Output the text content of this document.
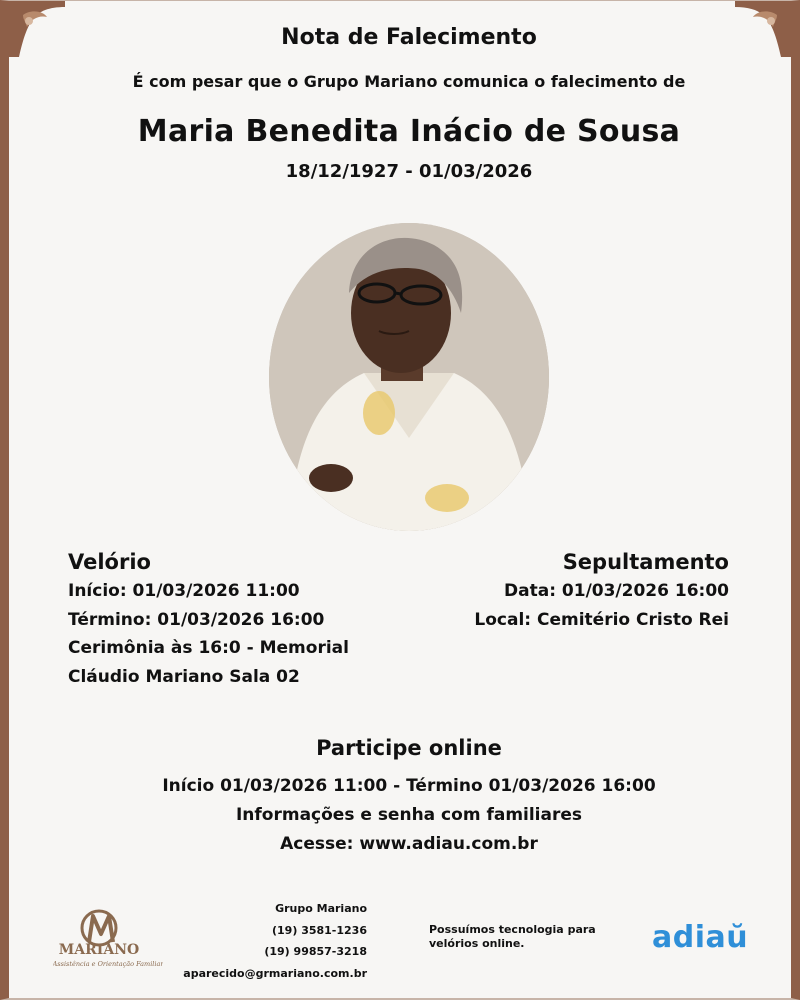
Nota de Falecimento
É com pesar que o Grupo Mariano comunica o falecimento de
Maria Benedita Inácio de Sousa
18/12/1927 - 01/03/2026
Velório
Início: 01/03/2026 11:00
Término: 01/03/2026 16:00
Cerimônia às 16:0 - Memorial
Cláudio Mariano Sala 02
Sepultamento
Data: 01/03/2026 16:00
Local: Cemitério Cristo Rei
Participe online
Início 01/03/2026 11:00 - Término 01/03/2026 16:00
Informações e senha com familiares
Acesse: www.adiau.com.br
MARIANO
Assistência e Orientação Familiar
Grupo Mariano
(19) 3581-1236
(19) 99857-3218
aparecido@grmariano.com.br
Possuímos tecnologia para
velórios online.	adiaŭ
